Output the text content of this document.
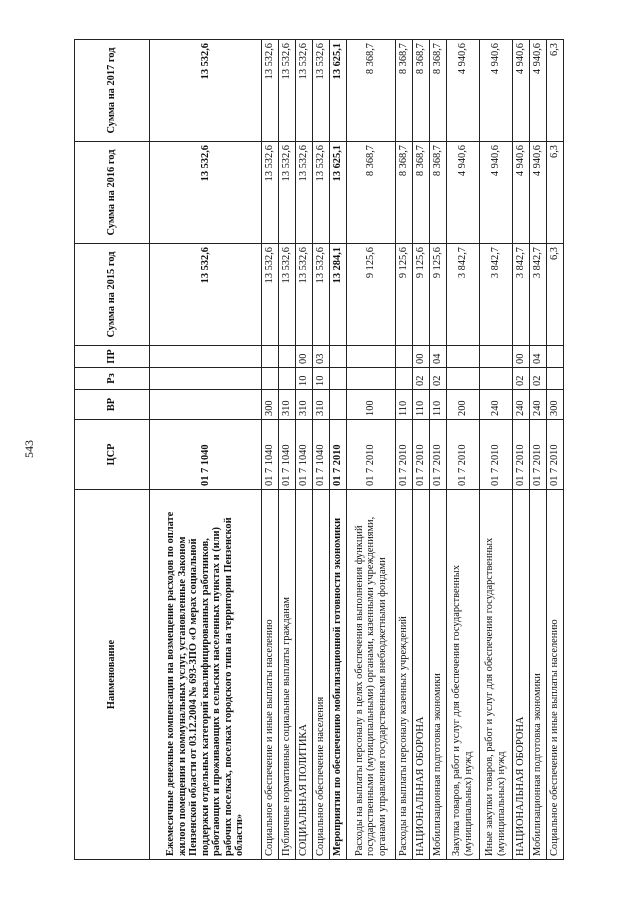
543
Наименование	ЦСР	ВР	Рз	ПР	Сумма на 2015 год	Сумма на 2016 год	Сумма на 2017 год
Ежемесячные денежные компенсации на возмещение расходов по оплате жилого помещения и коммунальных услуг, установленные Законом Пензенской области от 03.12.2004 № 693-ЗПО «О мерах социальной поддержки отдельных категорий квалифицированных работников, работающих и проживающих в сельских населенных пунктах и (или) рабочих поселках, поселках городского типа на территории Пензенской области»	01 7 1040				13 532,6	13 532,6	13 532,6
Социальное обеспечение и иные выплаты населению	01 7 1040	300			13 532,6	13 532,6	13 532,6
Публичные нормативные социальные выплаты гражданам	01 7 1040	310			13 532,6	13 532,6	13 532,6
СОЦИАЛЬНАЯ ПОЛИТИКА	01 7 1040	310	10	00	13 532,6	13 532,6	13 532,6
Социальное обеспечение населения	01 7 1040	310	10	03	13 532,6	13 532,6	13 532,6
Мероприятия по обеспечению мобилизационной готовности экономики	01 7 2010				13 284,1	13 625,1	13 625,1
Расходы на выплаты персоналу в целях обеспечения выполнения функций государственными (муниципальными) органами, казенными учреждениями, органами управления государственными внебюджетными фондами	01 7 2010	100			9 125,6	8 368,7	8 368,7
Расходы на выплаты персоналу казенных учреждений	01 7 2010	110			9 125,6	8 368,7	8 368,7
НАЦИОНАЛЬНАЯ ОБОРОНА	01 7 2010	110	02	00	9 125,6	8 368,7	8 368,7
Мобилизационная подготовка экономики	01 7 2010	110	02	04	9 125,6	8 368,7	8 368,7
Закупка товаров, работ и услуг для обеспечения государственных (муниципальных) нужд	01 7 2010	200			3 842,7	4 940,6	4 940,6
Иные закупки товаров, работ и услуг для обеспечения государственных (муниципальных) нужд	01 7 2010	240			3 842,7	4 940,6	4 940,6
НАЦИОНАЛЬНАЯ ОБОРОНА	01 7 2010	240	02	00	3 842,7	4 940,6	4 940,6
Мобилизационная подготовка экономики	01 7 2010	240	02	04	3 842,7	4 940,6	4 940,6
Социальное обеспечение и иные выплаты населению	01 7 2010	300			6,3	6,3	6,3
